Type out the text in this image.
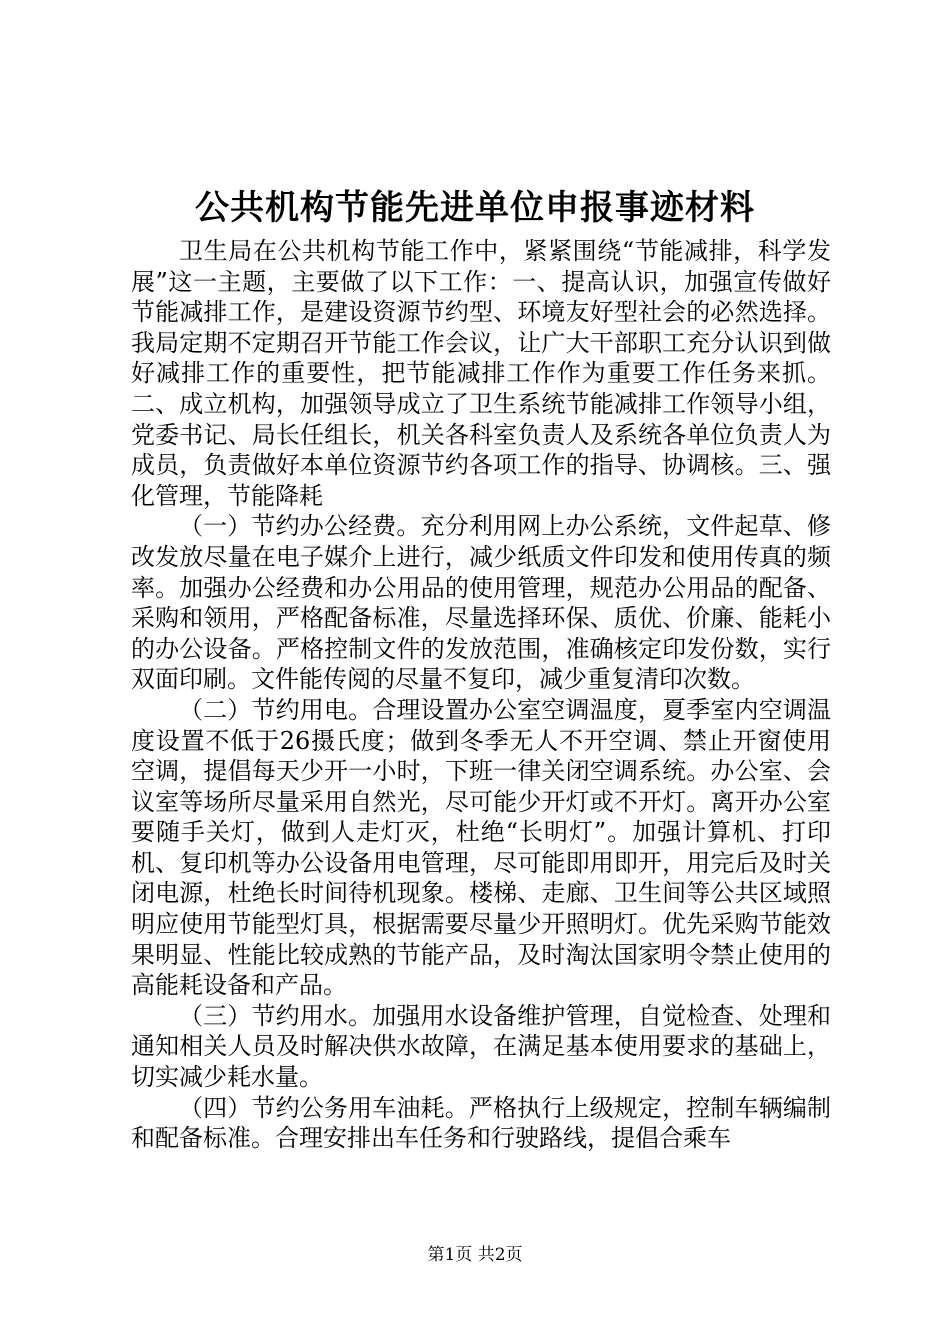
公共机构节能先进单位申报事迹材料

卫生局在公共机构节能工作中，紧紧围绕“节能减排，科学发展”这一主题，主要做了以下工作：一、提高认识，加强宣传做好节能减排工作，是建设资源节约型、环境友好型社会的必然选择。我局定期不定期召开节能工作会议，让广大干部职工充分认识到做好减排工作的重要性，把节能减排工作作为重要工作任务来抓。二、成立机构，加强领导成立了卫生系统节能减排工作领导小组，党委书记、局长任组长，机关各科室负责人及系统各单位负责人为成员，负责做好本单位资源节约各项工作的指导、协调核。三、强化管理，节能降耗

（一）节约办公经费。充分利用网上办公系统，文件起草、修改发放尽量在电子媒介上进行，减少纸质文件印发和使用传真的频率。加强办公经费和办公用品的使用管理，规范办公用品的配备、采购和领用，严格配备标准，尽量选择环保、质优、价廉、能耗小的办公设备。严格控制文件的发放范围，准确核定印发份数，实行双面印刷。文件能传阅的尽量不复印，减少重复清印次数。

（二）节约用电。合理设置办公室空调温度，夏季室内空调温度设置不低于26摄氏度；做到冬季无人不开空调、禁止开窗使用空调，提倡每天少开一小时，下班一律关闭空调系统。办公室、会议室等场所尽量采用自然光，尽可能少开灯或不开灯。离开办公室要随手关灯，做到人走灯灭，杜绝“长明灯”。加强计算机、打印机、复印机等办公设备用电管理，尽可能即用即开，用完后及时关闭电源，杜绝长时间待机现象。楼梯、走廊、卫生间等公共区域照明应使用节能型灯具，根据需要尽量少开照明灯。优先采购节能效果明显、性能比较成熟的节能产品，及时淘汰国家明令禁止使用的高能耗设备和产品。

（三）节约用水。加强用水设备维护管理，自觉检查、处理和通知相关人员及时解决供水故障，在满足基本使用要求的基础上，切实减少耗水量。

（四）节约公务用车油耗。严格执行上级规定，控制车辆编制和配备标准。合理安排出车任务和行驶路线，提倡合乘车

第1页 共2页
